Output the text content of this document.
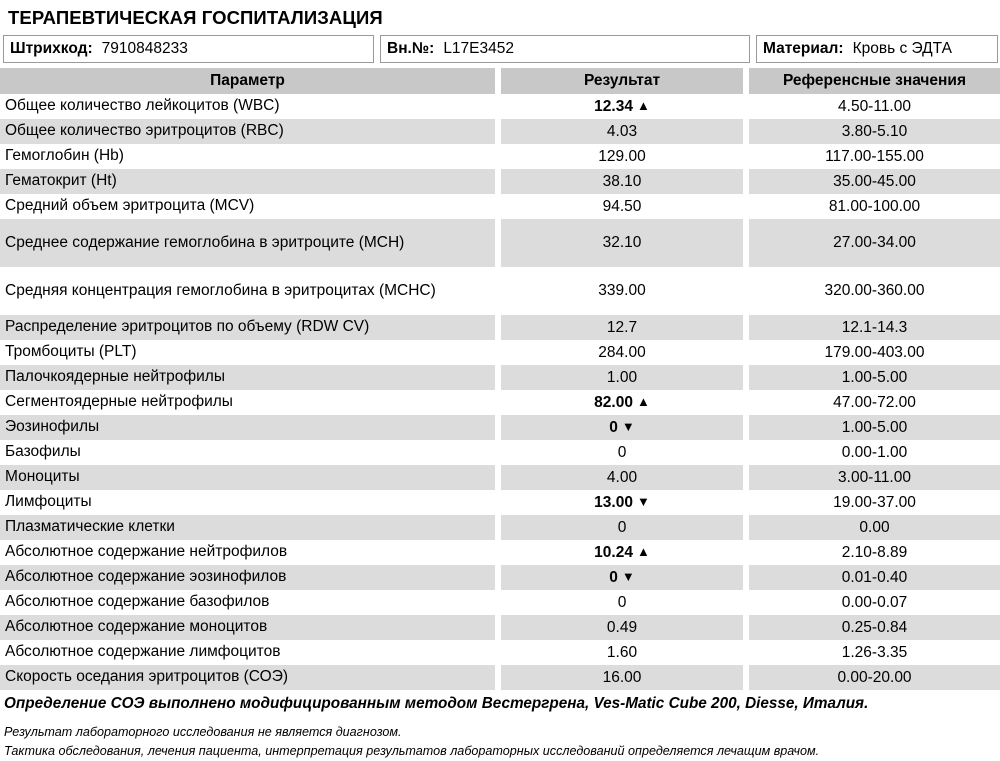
ТЕРАПЕВТИЧЕСКАЯ ГОСПИТАЛИЗАЦИЯ
Штрихкод: 7910848233	Вн.№: L17E3452	Материал: Кровь с ЭДТА
Параметр		Результат		Референсные значения
Общее количество лейкоцитов (WBC)		12.34 ▲		4.50-11.00
Общее количество эритроцитов (RBC)		4.03		3.80-5.10
Гемоглобин (Hb)		129.00		117.00-155.00
Гематокрит (Ht)		38.10		35.00-45.00
Средний объем эритроцита (MCV)		94.50		81.00-100.00
Среднее содержание гемоглобина в эритроците (MCH)		32.10		27.00-34.00
Средняя концентрация гемоглобина в эритроцитах (MCHC)		339.00		320.00-360.00
Распределение эритроцитов по объему (RDW CV)		12.7		12.1-14.3
Тромбоциты (PLT)		284.00		179.00-403.00
Палочкоядерные нейтрофилы		1.00		1.00-5.00
Сегментоядерные нейтрофилы		82.00 ▲		47.00-72.00
Эозинофилы		0 ▼		1.00-5.00
Базофилы		0		0.00-1.00
Моноциты		4.00		3.00-11.00
Лимфоциты		13.00 ▼		19.00-37.00
Плазматические клетки		0		0.00
Абсолютное содержание нейтрофилов		10.24 ▲		2.10-8.89
Абсолютное содержание эозинофилов		0 ▼		0.01-0.40
Абсолютное содержание базофилов		0		0.00-0.07
Абсолютное содержание моноцитов		0.49		0.25-0.84
Абсолютное содержание лимфоцитов		1.60		1.26-3.35
Скорость оседания эритроцитов (СОЭ)		16.00		0.00-20.00
Определение СОЭ выполнено модифицированным методом Вестергрена, Ves-Matic Cube 200, Diesse, Италия.
Результат лабораторного исследования не является диагнозом.
Тактика обследования, лечения пациента, интерпретация результатов лабораторных исследований определяется лечащим врачом.
